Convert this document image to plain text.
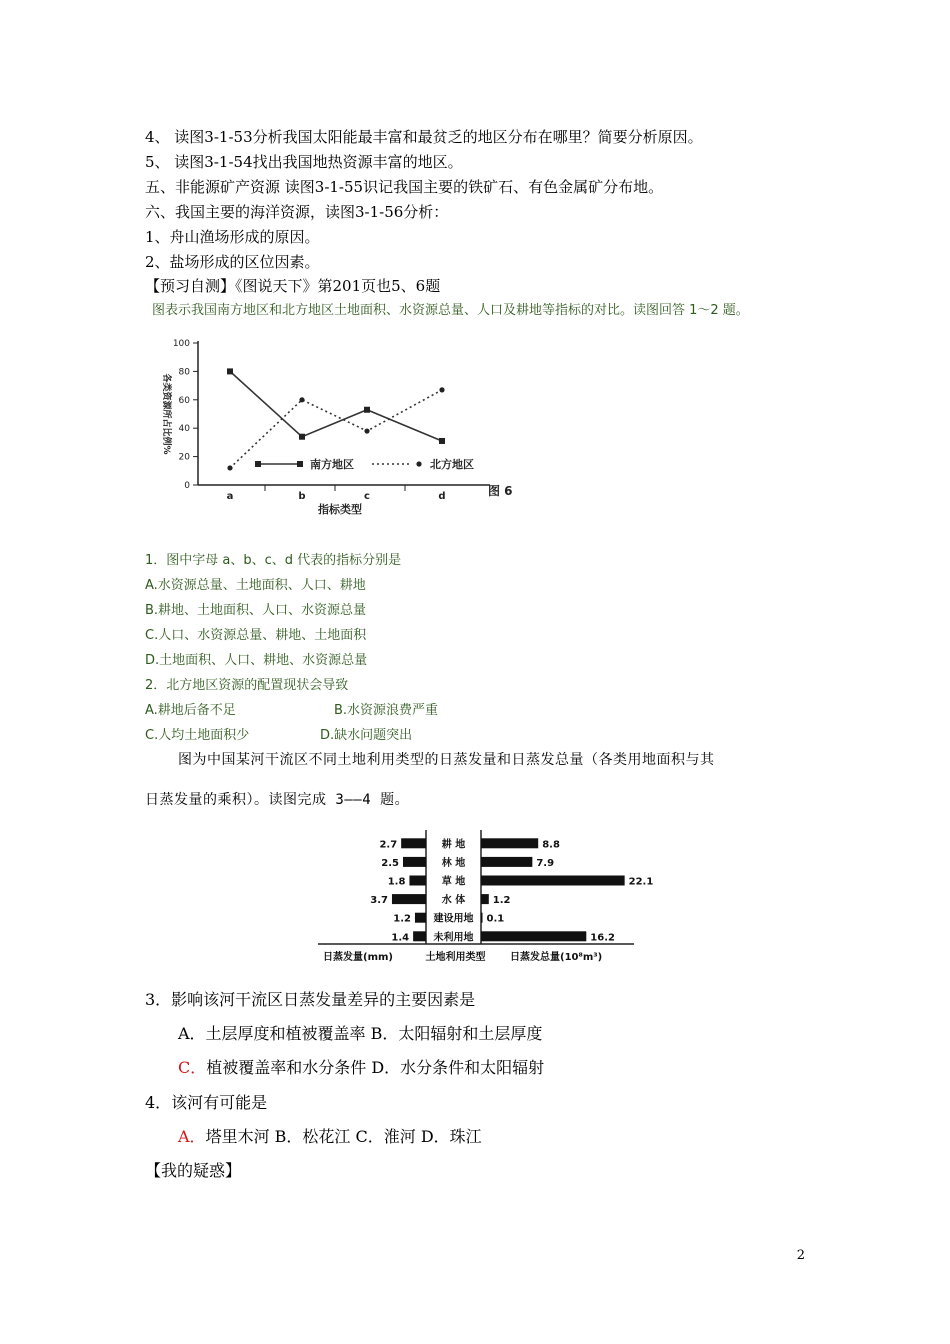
4、 读图3-1-53分析我国太阳能最丰富和最贫乏的地区分布在哪里？简要分析原因。
5、 读图3-1-54找出我国地热资源丰富的地区。
五、非能源矿产资源 读图3-1-55识记我国主要的铁矿石、有色金属矿分布地。
六、我国主要的海洋资源，读图3-1-56分析：
1、舟山渔场形成的原因。
2、盐场形成的区位因素。
【预习自测】《图说天下》第201页也5、6题
图表示我国南方地区和北方地区土地面积、水资源总量、人口及耕地等指标的对比。读图回答 1～2 题。
0
20
40
60
80
100
a	b	c	d
指标类型
图 6
各类资源所占比例%
南方地区	北方地区
1．图中字母 a、b、c、d 代表的指标分别是
A.水资源总量、土地面积、人口、耕地
B.耕地、土地面积、人口、水资源总量
C.人口、水资源总量、耕地、土地面积
D.土地面积、人口、耕地、水资源总量
2．北方地区资源的配置现状会导致
A.耕地后备不足	B.水资源浪费严重
C.人均土地面积少	D.缺水问题突出
图为中国某河干流区不同土地利用类型的日蒸发量和日蒸发总量（各类用地面积与其
日蒸发量的乘积）。读图完成 3——4 题。
2.7	耕 地	8.8
2.5	林 地	7.9
1.8	草 地	22.1
3.7	水 体	1.2
1.2 建设用地 0.1
1.4 未利用地	16.2
日蒸发量(mm)	土地利用类型 日蒸发总量(10⁸m³)
3．影响该河干流区日蒸发量差异的主要因素是
A．土层厚度和植被覆盖率 B．太阳辐射和土层厚度
C．植被覆盖率和水分条件 D．水分条件和太阳辐射
4．该河有可能是
A．塔里木河 B．松花江 C．淮河 D．珠江
【我的疑惑】
2
